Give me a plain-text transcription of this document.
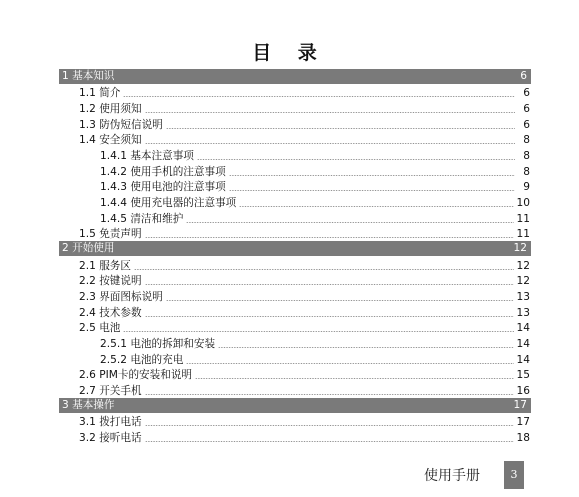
目 录
1 基本知识	6
1.1 简介	6
1.2 使用须知	6
1.3 防伪短信说明	6
1.4 安全须知	8
1.4.1 基本注意事项	8
1.4.2 使用手机的注意事项	8
1.4.3 使用电池的注意事项	9
1.4.4 使用充电器的注意事项	10
1.4.5 清洁和维护	11
1.5 免责声明	11
2 开始使用	12
2.1 服务区	12
2.2 按键说明	12
2.3 界面图标说明	13
2.4 技术参数	13
2.5 电池	14
2.5.1 电池的拆卸和安装	14
2.5.2 电池的充电	14
2.6 PIM卡的安装和说明	15
2.7 开关手机	16
3 基本操作	17
3.1 拨打电话	17
3.2 接听电话	18
使用手册	3
